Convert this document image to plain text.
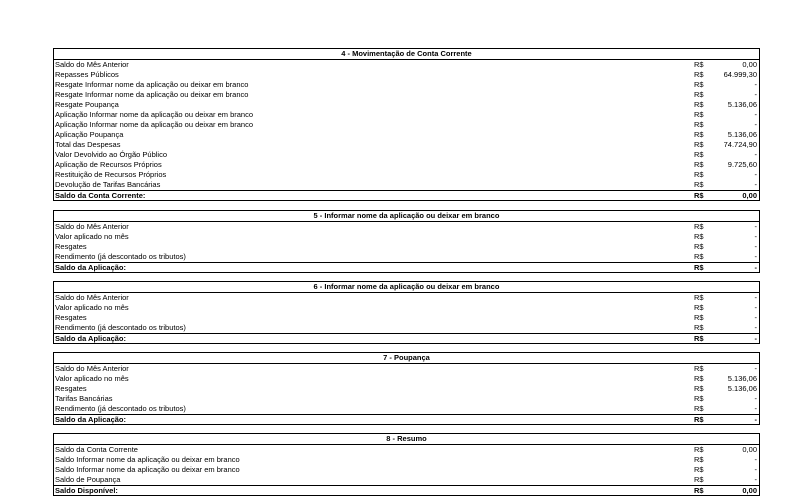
4 - Movimentação de Conta Corrente
Saldo do Mês Anterior	R$	0,00
Repasses Públicos	R$	64.999,30
Resgate Informar nome da aplicação ou deixar em branco	R$	-
Resgate Informar nome da aplicação ou deixar em branco	R$	-
Resgate Poupança	R$	5.136,06
Aplicação Informar nome da aplicação ou deixar em branco	R$	-
Aplicação Informar nome da aplicação ou deixar em branco	R$	-
Aplicação Poupança	R$	5.136,06
Total das Despesas	R$	74.724,90
Valor Devolvido ao Órgão Público	R$	-
Aplicação de Recursos Próprios	R$	9.725,60
Restituição de Recursos Próprios	R$	-
Devolução de Tarifas Bancárias	R$	-
Saldo da Conta Corrente:	R$	0,00
5 - Informar nome da aplicação ou deixar em branco
Saldo do Mês Anterior	R$	-
Valor aplicado no mês	R$	-
Resgates	R$	-
Rendimento (já descontado os tributos)	R$	-
Saldo da Aplicação:	R$	-
6 - Informar nome da aplicação ou deixar em branco
Saldo do Mês Anterior	R$	-
Valor aplicado no mês	R$	-
Resgates	R$	-
Rendimento (já descontado os tributos)	R$	-
Saldo da Aplicação:	R$	-
7 - Poupança
Saldo do Mês Anterior	R$	-
Valor aplicado no mês	R$	5.136,06
Resgates	R$	5.136,06
Tarifas Bancárias	R$	-
Rendimento (já descontado os tributos)	R$	-
Saldo da Aplicação:	R$	-
8 - Resumo
Saldo da Conta Corrente	R$	0,00
Saldo Informar nome da aplicação ou deixar em branco	R$	-
Saldo Informar nome da aplicação ou deixar em branco	R$	-
Saldo de Poupança	R$	-
Saldo Disponível:	R$	0,00
